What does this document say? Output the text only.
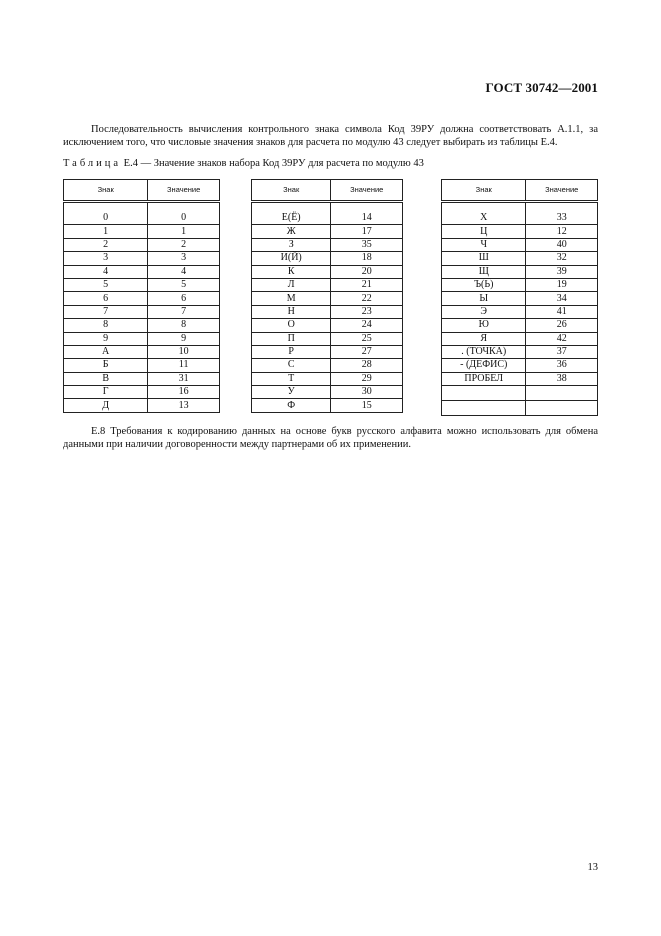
ГОСТ 30742—2001

Последовательность вычисления контрольного знака символа Код 39РУ должна соответствовать А.1.1, за исключением того, что числовые значения знаков для расчета по модулю 43 следует выбирать из таблицы Е.4.

Таблица Е.4 — Значение знаков набора Код 39РУ для расчета по модулю 43
Знак	Значение

0	0
1	1
2	2
3	3
4	4
5	5
6	6
7	7
8	8
9	9
А	10
Б	11
В	31
Г	16
Д	13
Знак	Значение

Е(Ё)	14
Ж	17
З	35
И(Й)	18
К	20
Л	21
М	22
Н	23
О	24
П	25
Р	27
С	28
Т	29
У	30
Ф	15
Знак	Значение

Х	33
Ц	12
Ч	40
Ш	32
Щ	39
Ъ(Ь)	19
Ы	34
Э	41
Ю	26
Я	42
. (ТОЧКА)	37
- (ДЕФИС)	36
ПРОБЕЛ	38

Е.8 Требования к кодированию данных на основе букв русского алфавита можно использовать для обмена данными при наличии договоренности между партнерами об их применении.

13
